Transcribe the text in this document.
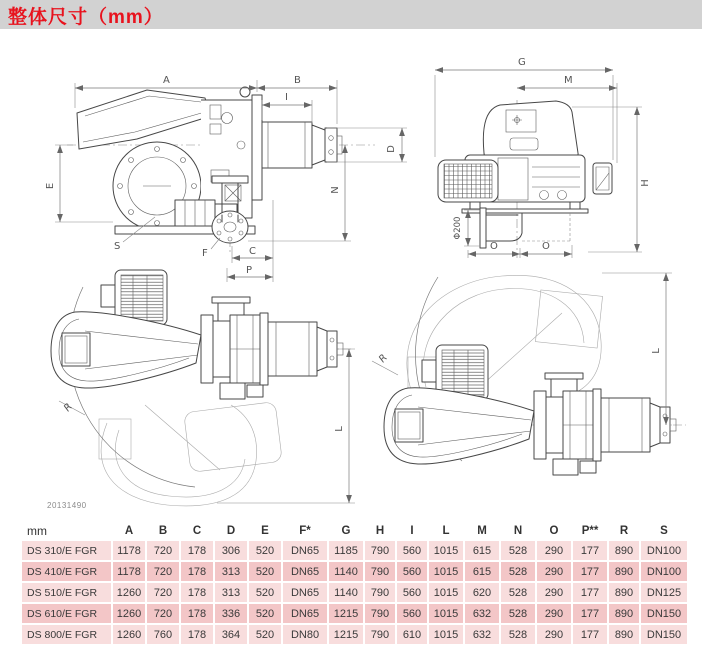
整体尺寸（mm）
A	B
I
D
E
N
S
F	C
P
G
M
H
Φ200
O	O
R
L
R
L
20131490
mm	A	B	C	D	E	F*	G	H	I	L	M	N	O	P**	R	S
DS 310/E FGR	1178	720	178	306	520	DN65	1185	790	560	1015	615	528	290	177	890	DN100
DS 410/E FGR	1178	720	178	313	520	DN65	1140	790	560	1015	615	528	290	177	890	DN100
DS 510/E FGR	1260	720	178	313	520	DN65	1140	790	560	1015	620	528	290	177	890	DN125
DS 610/E FGR	1260	720	178	336	520	DN65	1215	790	560	1015	632	528	290	177	890	DN150
DS 800/E FGR	1260	760	178	364	520	DN80	1215	790	610	1015	632	528	290	177	890	DN150
